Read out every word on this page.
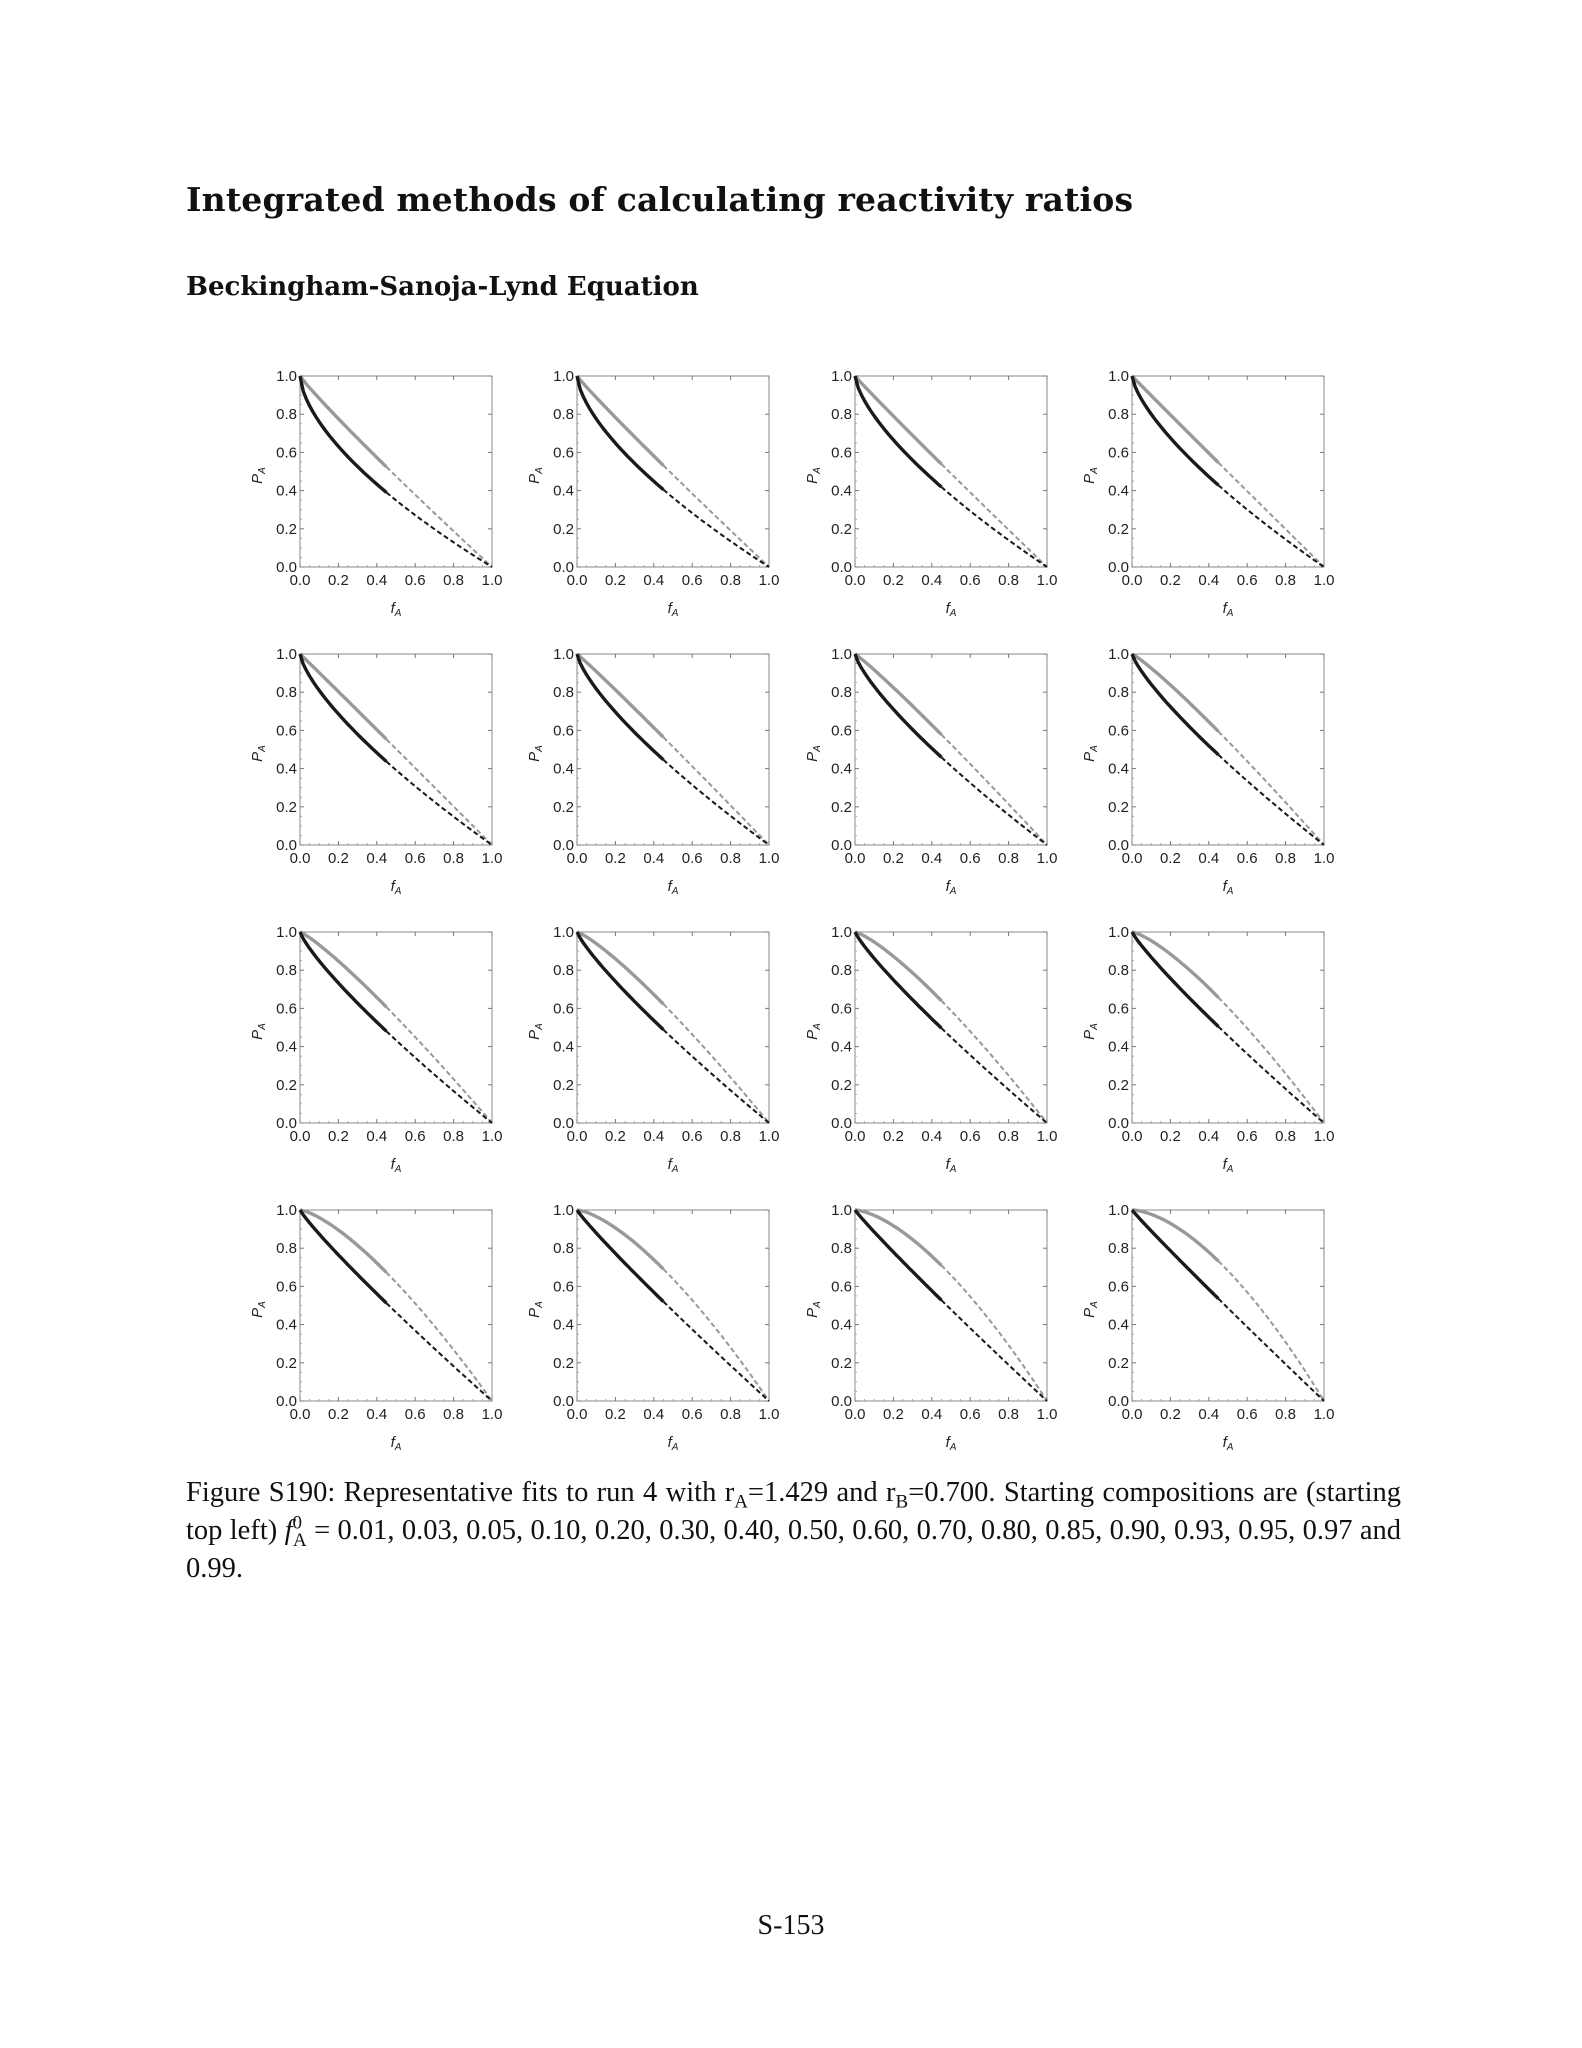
Integrated methods of calculating reactivity ratios
Beckingham-Sanoja-Lynd Equation
0.0
0.0
0.2
0.2
0.4
0.4
0.6
0.6
0.8
0.8
1.0
1.0
$f_A$
$P_A$
0.0
0.0
0.2
0.2
0.4
0.4
0.6
0.6
0.8
0.8
1.0
1.0
$f_A$
$P_A$
0.0
0.0
0.2
0.2
0.4
0.4
0.6
0.6
0.8
0.8
1.0
1.0
$f_A$
$P_A$
0.0
0.0
0.2
0.2
0.4
0.4
0.6
0.6
0.8
0.8
1.0
1.0
$f_A$
$P_A$
0.0
0.0
0.2
0.2
0.4
0.4
0.6
0.6
0.8
0.8
1.0
1.0
$f_A$
$P_A$
0.0
0.0
0.2
0.2
0.4
0.4
0.6
0.6
0.8
0.8
1.0
1.0
$f_A$
$P_A$
0.0
0.0
0.2
0.2
0.4
0.4
0.6
0.6
0.8
0.8
1.0
1.0
$f_A$
$P_A$
0.0
0.0
0.2
0.2
0.4
0.4
0.6
0.6
0.8
0.8
1.0
1.0
$f_A$
$P_A$
0.0
0.0
0.2
0.2
0.4
0.4
0.6
0.6
0.8
0.8
1.0
1.0
$f_A$
$P_A$
0.0
0.0
0.2
0.2
0.4
0.4
0.6
0.6
0.8
0.8
1.0
1.0
$f_A$
$P_A$
0.0
0.0
0.2
0.2
0.4
0.4
0.6
0.6
0.8
0.8
1.0
1.0
$f_A$
$P_A$
0.0
0.0
0.2
0.2
0.4
0.4
0.6
0.6
0.8
0.8
1.0
1.0
$f_A$
$P_A$
0.0
0.0
0.2
0.2
0.4
0.4
0.6
0.6
0.8
0.8
1.0
1.0
$f_A$
$P_A$
0.0
0.0
0.2
0.2
0.4
0.4
0.6
0.6
0.8
0.8
1.0
1.0
$f_A$
$P_A$
0.0
0.0
0.2
0.2
0.4
0.4
0.6
0.6
0.8
0.8
1.0
1.0
$f_A$
$P_A$
0.0
0.0
0.2
0.2
0.4
0.4
0.6
0.6
0.8
0.8
1.0
1.0
$f_A$
$P_A$

Figure S190: Representative fits to run 4 with $r_A=1.429$ and $r_B=0.700$. Starting compositions are (starting top left) $f^0_A = 0.01$, 0.03, 0.05, 0.10, 0.20, 0.30, 0.40, 0.50, 0.60, 0.70, 0.80, 0.85, 0.90, 0.93, 0.95, 0.97 and 0.99.

S-153
